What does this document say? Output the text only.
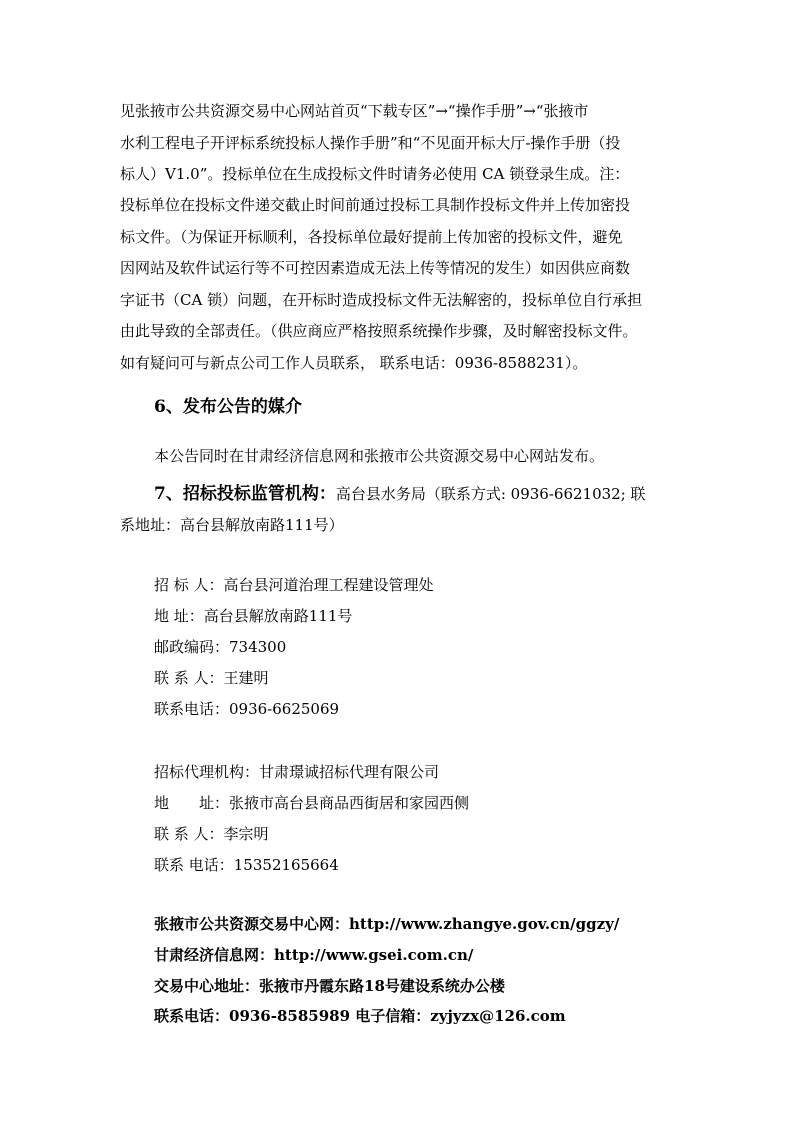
见张掖市公共资源交易中心网站首页“下载专区”→“操作手册”→“张掖市
水利工程电子开评标系统投标人操作手册”和“不见面开标大厅-操作手册（投
标人）V1.0”。投标单位在生成投标文件时请务必使用 CA 锁登录生成。注：
投标单位在投标文件递交截止时间前通过投标工具制作投标文件并上传加密投
标文件。（为保证开标顺利，各投标单位最好提前上传加密的投标文件，避免
因网站及软件试运行等不可控因素造成无法上传等情况的发生）如因供应商数
字证书（CA 锁）问题，在开标时造成投标文件无法解密的，投标单位自行承担
由此导致的全部责任。（供应商应严格按照系统操作步骤，及时解密投标文件。
如有疑问可与新点公司工作人员联系， 联系电话：0936-8588231）。
6、发布公告的媒介
本公告同时在甘肃经济信息网和张掖市公共资源交易中心网站发布。
7、招标投标监管机构：高台县水务局（联系方式: 0936-6621032; 联
系地址：高台县解放南路111号）
招 标 人：高台县河道治理工程建设管理处
地 址：高台县解放南路111号
邮政编码：734300
联 系 人：王建明
联系电话：0936-6625069
招标代理机构：甘肃璟诚招标代理有限公司
地　　址：张掖市高台县商品西街居和家园西侧
联 系 人：李宗明
联系 电话：15352165664
张掖市公共资源交易中心网：http://www.zhangye.gov.cn/ggzy/
甘肃经济信息网：http://www.gsei.com.cn/
交易中心地址：张掖市丹霞东路18号建设系统办公楼
联系电话：0936-8585989 电子信箱：zyjyzx@126.com
